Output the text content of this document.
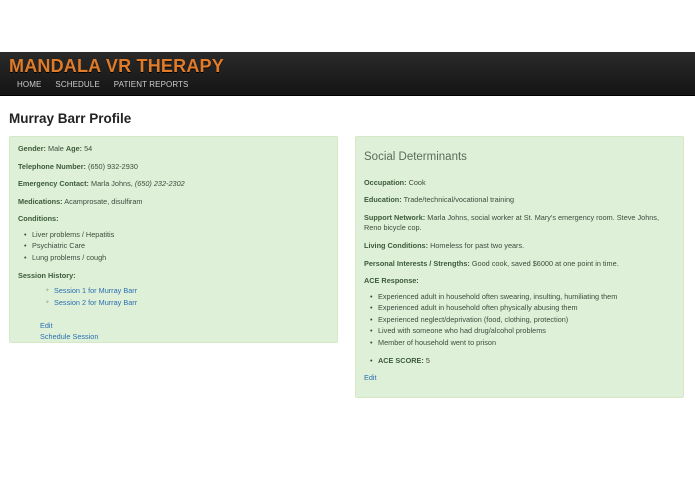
MANDALA VR THERAPY
HOME SCHEDULE PATIENT REPORTS
Murray Barr Profile
Gender: Male Age: 54
Telephone Number: (650) 932-2930
Emergency Contact: Marla Johns, (650) 232-2302
Medications: Acamprosate, disulfiram
Conditions:
• Liver problems / Hepatitis
• Psychiatric Care
• Lung problems / cough
Session History:
◦ Session 1 for Murray Barr
◦ Session 2 for Murray Barr
Edit
Schedule Session
Social Determinants
Occupation: Cook
Education: Trade/technical/vocational training
Support Network: Marla Johns, social worker at St. Mary's emergency room. Steve Johns, Reno bicycle cop.
Living Conditions: Homeless for past two years.
Personal Interests / Strengths: Good cook, saved $6000 at one point in time.
ACE Response:
• Experienced adult in household often swearing, insulting, humiliating them
• Experienced adult in household often physically abusing them
• Experienced neglect/deprivation (food, clothing, protection)
• Lived with someone who had drug/alcohol problems
• Member of household went to prison
• ACE SCORE: 5
Edit
